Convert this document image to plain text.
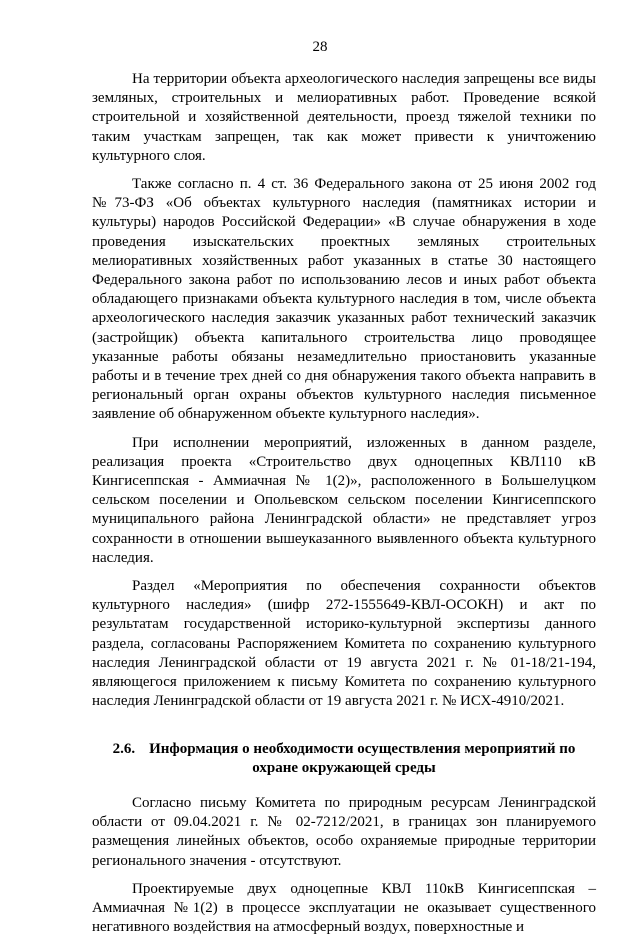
28

На территории объекта археологического наследия запрещены все виды земляных, строительных и мелиоративных работ. Проведение всякой строительной и хозяйственной деятельности, проезд тяжелой техники по таким участкам запрещен, так как может привести к уничтожению культурного слоя.

Также согласно п. 4 ст. 36 Федерального закона от 25 июня 2002 год №73-ФЗ «Об объектах культурного наследия (памятниках истории и культуры) народов Российской Федерации» «В случае обнаружения в ходе проведения изыскательских проектных земляных строительных мелиоративных хозяйственных работ указанных в статье 30 настоящего Федерального закона работ по использованию лесов и иных работ объекта обладающего признаками объекта культурного наследия в том, числе объекта археологического наследия заказчик указанных работ технический заказчик (застройщик) объекта капитального строительства лицо проводящее указанные работы обязаны незамедлительно приостановить указанные работы и в течение трех дней со дня обнаружения такого объекта направить в региональный орган охраны объектов культурного наследия письменное заявление об обнаруженном объекте культурного наследия».

При исполнении мероприятий, изложенных в данном разделе, реализация проекта «Строительство двух одноцепных КВЛ110 кВ Кингисеппская - Аммиачная № 1(2)», расположенного в Большелуцком сельском поселении и Опольевском сельском поселении Кингисеппского муниципального района Ленинградской области» не представляет угроз сохранности в отношении вышеуказанного выявленного объекта культурного наследия.

Раздел «Мероприятия по обеспечения сохранности объектов культурного наследия» (шифр 272-1555649-КВЛ-ОСОКН) и акт по результатам государственной историко-культурной экспертизы данного раздела, согласованы Распоряжением Комитета по сохранению культурного наследия Ленинградской области от 19 августа 2021 г. № 01-18/21-194, являющегося приложением к письму Комитета по сохранению культурного наследия Ленинградской области от 19 августа 2021 г. № ИСХ-4910/2021.

2.6. Информация о необходимости осуществления мероприятий по охране окружающей среды

Согласно письму Комитета по природным ресурсам Ленинградской области от 09.04.2021 г. № 02-7212/2021, в границах зон планируемого размещения линейных объектов, особо охраняемые природные территории регионального значения - отсутствуют.

Проектируемые двух одноцепные КВЛ 110кВ Кингисеппская – Аммиачная №1(2) в процессе эксплуатации не оказывает существенного негативного воздействия на атмосферный воздух, поверхностные и
